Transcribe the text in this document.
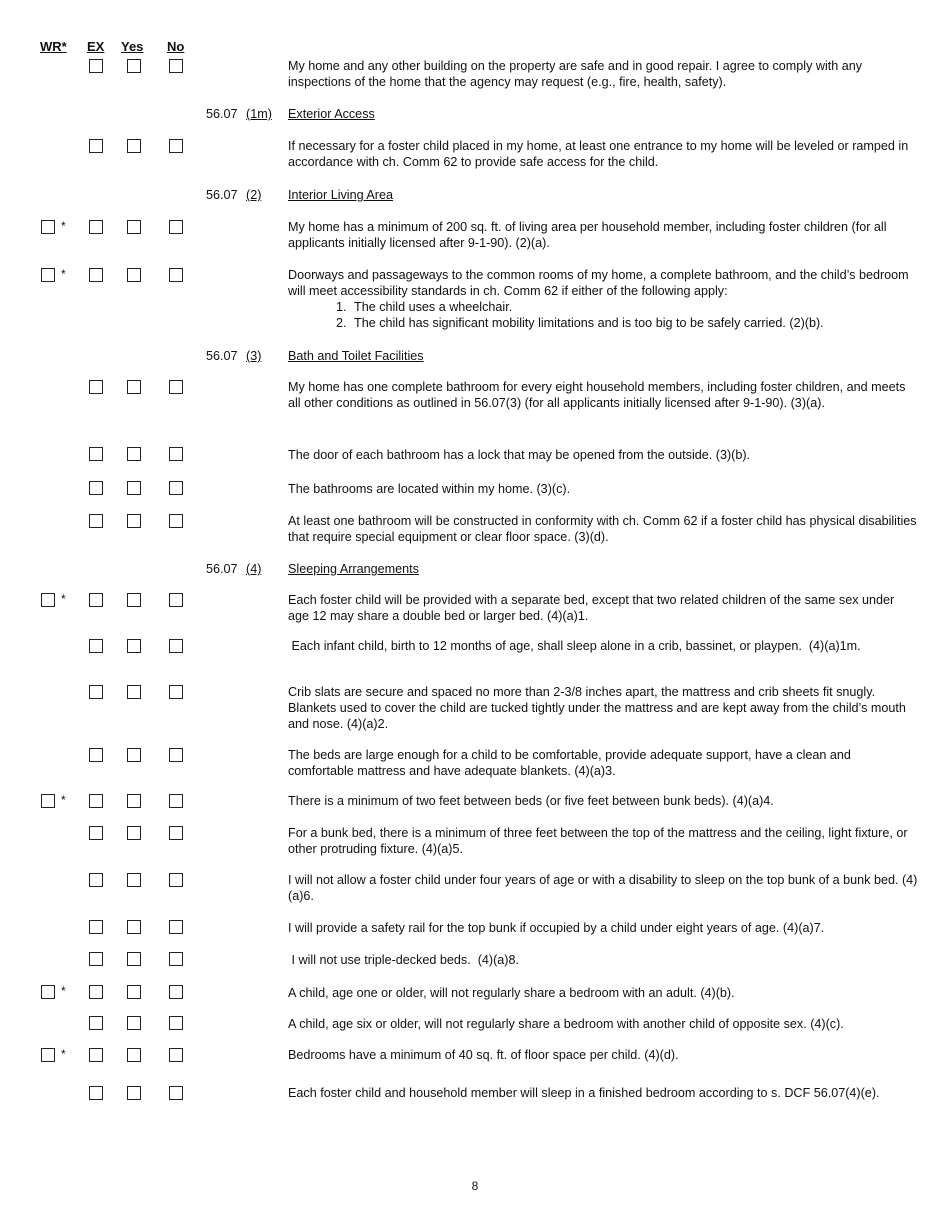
WR* EX Yes No
My home and any other building on the property are safe and in good repair. I agree to comply with any inspections of the home that the agency may request (e.g., fire, health, safety).
56.07 (1m) Exterior Access
If necessary for a foster child placed in my home, at least one entrance to my home will be leveled or ramped in accordance with ch. Comm 62 to provide safe access for the child.
56.07 (2) Interior Living Area
*	My home has a minimum of 200 sq. ft. of living area per household member, including foster children (for all applicants initially licensed after 9-1-90). (2)(a).
*	Doorways and passageways to the common rooms of my home, a complete bathroom, and the child’s bedroom will meet accessibility standards in ch. Comm 62 if either of the following apply:
1. The child uses a wheelchair.
2. The child has significant mobility limitations and is too big to be safely carried. (2)(b).
56.07 (3) Bath and Toilet Facilities
My home has one complete bathroom for every eight household members, including foster children, and meets all other conditions as outlined in 56.07(3) (for all applicants initially licensed after 9-1-90). (3)(a).
The door of each bathroom has a lock that may be opened from the outside. (3)(b).
The bathrooms are located within my home. (3)(c).
At least one bathroom will be constructed in conformity with ch. Comm 62 if a foster child has physical disabilities that require special equipment or clear floor space. (3)(d).
56.07 (4) Sleeping Arrangements
*	Each foster child will be provided with a separate bed, except that two related children of the same sex under age 12 may share a double bed or larger bed. (4)(a)1.
Each infant child, birth to 12 months of age, shall sleep alone in a crib, bassinet, or playpen.  (4)(a)1m.
Crib slats are secure and spaced no more than 2-3/8 inches apart, the mattress and crib sheets fit snugly. Blankets used to cover the child are tucked tightly under the mattress and are kept away from the child’s mouth and nose. (4)(a)2.
The beds are large enough for a child to be comfortable, provide adequate support, have a clean and comfortable mattress and have adequate blankets. (4)(a)3.
*	There is a minimum of two feet between beds (or five feet between bunk beds). (4)(a)4.
For a bunk bed, there is a minimum of three feet between the top of the mattress and the ceiling, light fixture, or other protruding fixture. (4)(a)5.
I will not allow a foster child under four years of age or with a disability to sleep on the top bunk of a bunk bed. (4)(a)6.
I will provide a safety rail for the top bunk if occupied by a child under eight years of age. (4)(a)7.
I will not use triple-decked beds.  (4)(a)8.
*	A child, age one or older, will not regularly share a bedroom with an adult. (4)(b).
A child, age six or older, will not regularly share a bedroom with another child of opposite sex. (4)(c).
*	Bedrooms have a minimum of 40 sq. ft. of floor space per child. (4)(d).
Each foster child and household member will sleep in a finished bedroom according to s. DCF 56.07(4)(e).
8
